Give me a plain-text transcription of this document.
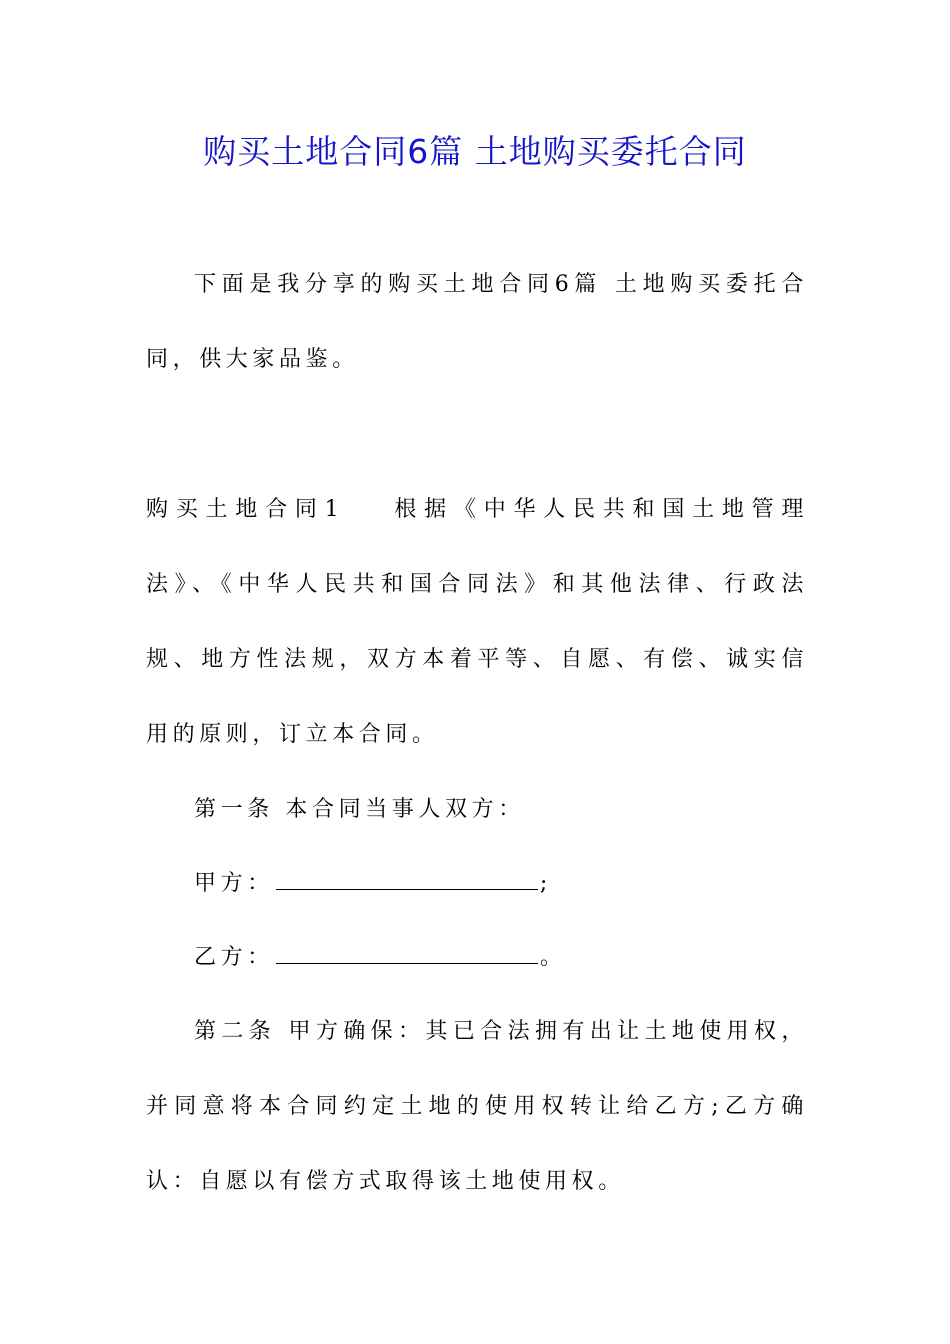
购买土地合同6篇 土地购买委托合同

下面是我分享的购买土地合同6篇 土地购买委托合同，供大家品鉴。

购买土地合同1 根据《中华人民共和国土地管理法》、《中华人民共和国合同法》和其他法律、行政法规、地方性法规，双方本着平等、自愿、有偿、诚实信用的原则，订立本合同。

第一条 本合同当事人双方：

甲方：	;
乙方：	。

第二条 甲方确保：其已合法拥有出让土地使用权，并同意将本合同约定土地的使用权转让给乙方;乙方确认：自愿以有偿方式取得该土地使用权。
